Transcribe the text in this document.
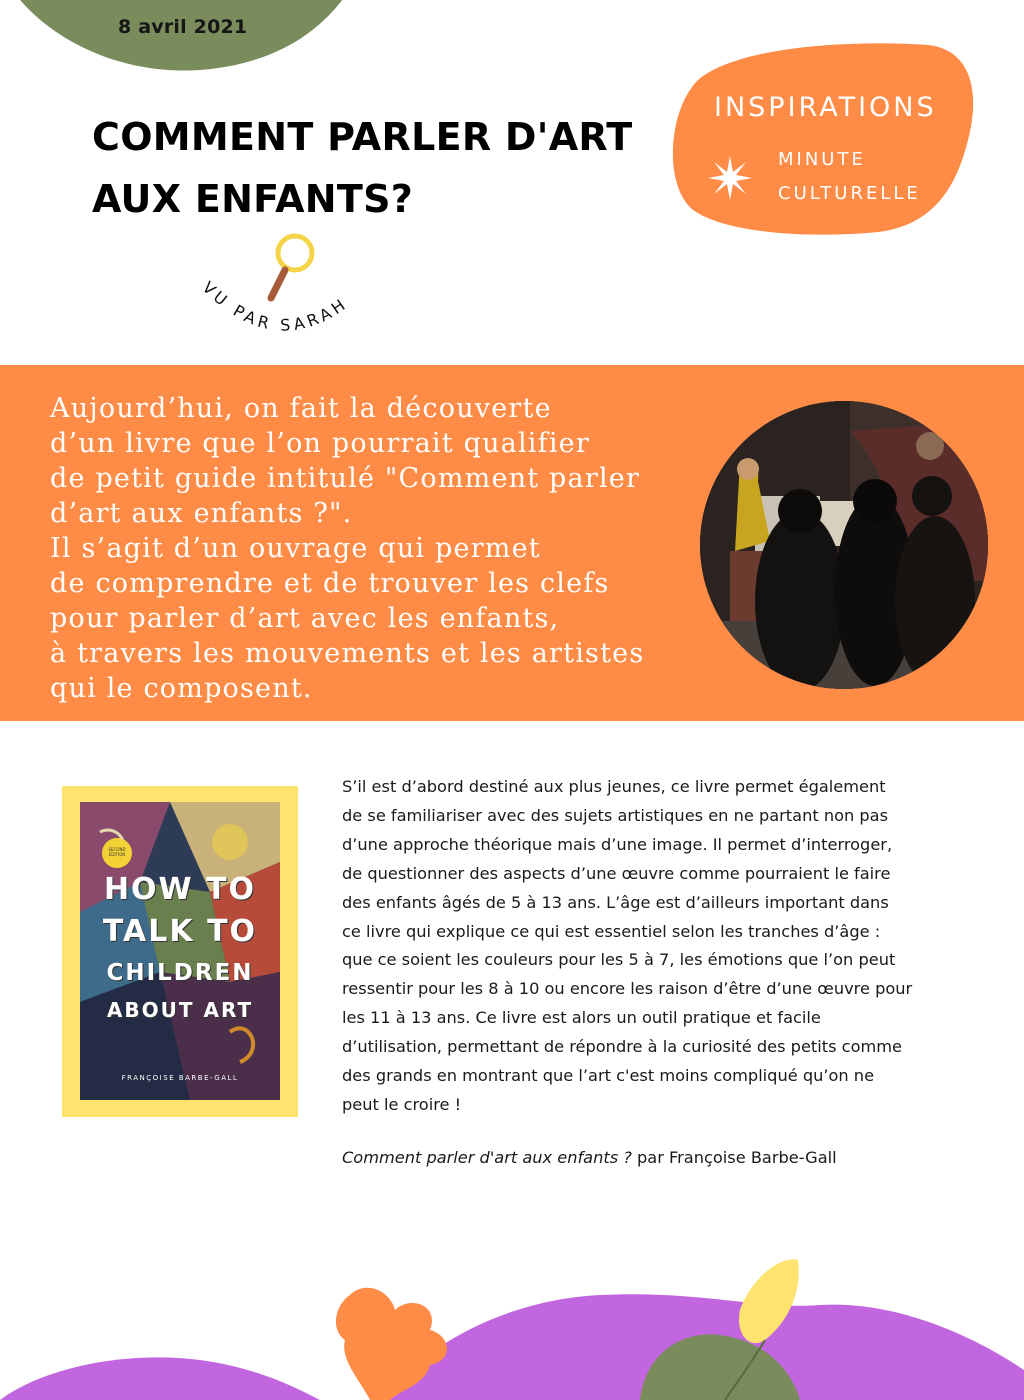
8 avril 2021
COMMENT PARLER D'ART
AUX ENFANTS?
INSPIRATIONS
MINUTE
CULTURELLE
VU PAR SARAH
Aujourd’hui, on fait la découverte
d’un livre que l’on pourrait qualifier
de petit guide intitulé "Comment parler
d’art aux enfants ?".
Il s’agit d’un ouvrage qui permet
de comprendre et de trouver les clefs
pour parler d’art avec les enfants,
à travers les mouvements et les artistes
qui le composent.
SECOND EDITION
HOW TO
TALK TO
CHILDREN
ABOUT ART
FRANÇOISE BARBE-GALL
S’il est d’abord destiné aux plus jeunes, ce livre permet également
de se familiariser avec des sujets artistiques en ne partant non pas
d’une approche théorique mais d’une image. Il permet d’interroger,
de questionner des aspects d’une œuvre comme pourraient le faire
des enfants âgés de 5 à 13 ans. L’âge est d’ailleurs important dans
ce livre qui explique ce qui est essentiel selon les tranches d’âge :
que ce soient les couleurs pour les 5 à 7, les émotions que l’on peut
ressentir pour les 8 à 10 ou encore les raison d’être d’une œuvre pour
les 11 à 13 ans. Ce livre est alors un outil pratique et facile
d’utilisation, permettant de répondre à la curiosité des petits comme
des grands en montrant que l’art c'est moins compliqué qu’on ne
peut le croire !
Comment parler d'art aux enfants ? par Françoise Barbe-Gall
